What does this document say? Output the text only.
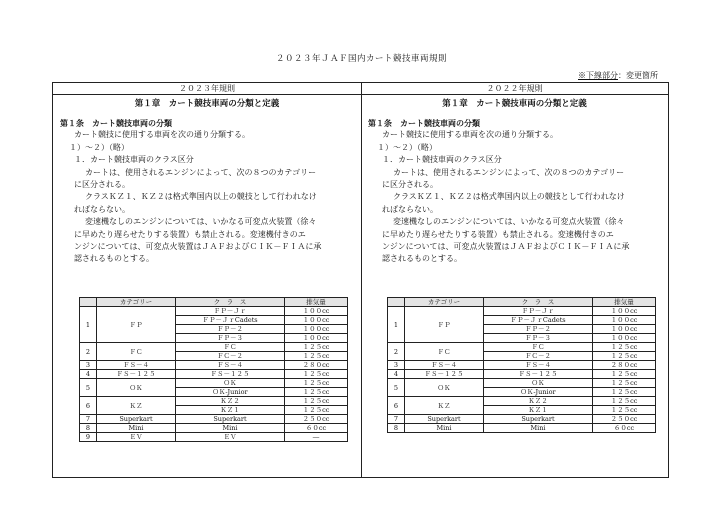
２０２３年ＪＡＦ国内カート競技車両規則
※下線部分：変更箇所
２０２３年規則
第１章　カート競技車両の分類と定義
第１条　カート競技車両の分類
カート競技に使用する車両を次の通り分類する。
１）～２）（略）
１．カート競技車両のクラス区分
カートは、使用されるエンジンによって、次の８つのカテゴリー
に区分される。
クラスＫＺ１、ＫＺ２は格式準国内以上の競技として行われなけ
ればならない。
変速機なしのエンジンについては、いかなる可変点火装置（徐々
に早めたり遅らせたりする装置）も禁止される。変速機付きのエ
ンジンについては、可変点火装置はＪＡＦおよびＣＩＫ－ＦＩＡに承
認されるものとする。
	カテゴリー	ク　ラ　ス	排気量
1	ＦＰ	ＦＰ－Ｊｒ	１００cc
		ＦＰ－ＪｒCadets	１００cc
		ＦＰ－２	１００cc
		ＦＰ－３	１００cc
2	ＦＣ	ＦＣ	１２５cc
		ＦＣ－２	１２５cc
3	ＦＳ－４	ＦＳ－４	２８０cc
4	ＦＳ－１２５	ＦＳ－１２５	１２５cc
5	ＯＫ	ＯＫ	１２５cc
		ＯＫ-Junior	１２５cc
6	ＫＺ	ＫＺ２	１２５cc
		ＫＺ１	１２５cc
7	Superkart	Superkart	２５０cc
8	Mini	Mini	６０cc
9	ＥＶ	ＥＶ	―
２０２２年規則
第１章　カート競技車両の分類と定義
第１条　カート競技車両の分類
カート競技に使用する車両を次の通り分類する。
１）～２）（略）
１．カート競技車両のクラス区分
カートは、使用されるエンジンによって、次の８つのカテゴリー
に区分される。
クラスＫＺ１、ＫＺ２は格式準国内以上の競技として行われなけ
ればならない。
変速機なしのエンジンについては、いかなる可変点火装置（徐々
に早めたり遅らせたりする装置）も禁止される。変速機付きのエ
ンジンについては、可変点火装置はＪＡＦおよびＣＩＫ－ＦＩＡに承
認されるものとする。
	カテゴリー	ク　ラ　ス	排気量
1	ＦＰ	ＦＰ－Ｊｒ	１００cc
		ＦＰ－ＪｒCadets	１００cc
		ＦＰ－２	１００cc
		ＦＰ－３	１００cc
2	ＦＣ	ＦＣ	１２５cc
		ＦＣ－２	１２５cc
3	ＦＳ－４	ＦＳ－４	２８０cc
4	ＦＳ－１２５	ＦＳ－１２５	１２５cc
5	ＯＫ	ＯＫ	１２５cc
		ＯＫ-Junior	１２５cc
6	ＫＺ	ＫＺ２	１２５cc
		ＫＺ１	１２５cc
7	Superkart	Superkart	２５０cc
8	Mini	Mini	６０cc
